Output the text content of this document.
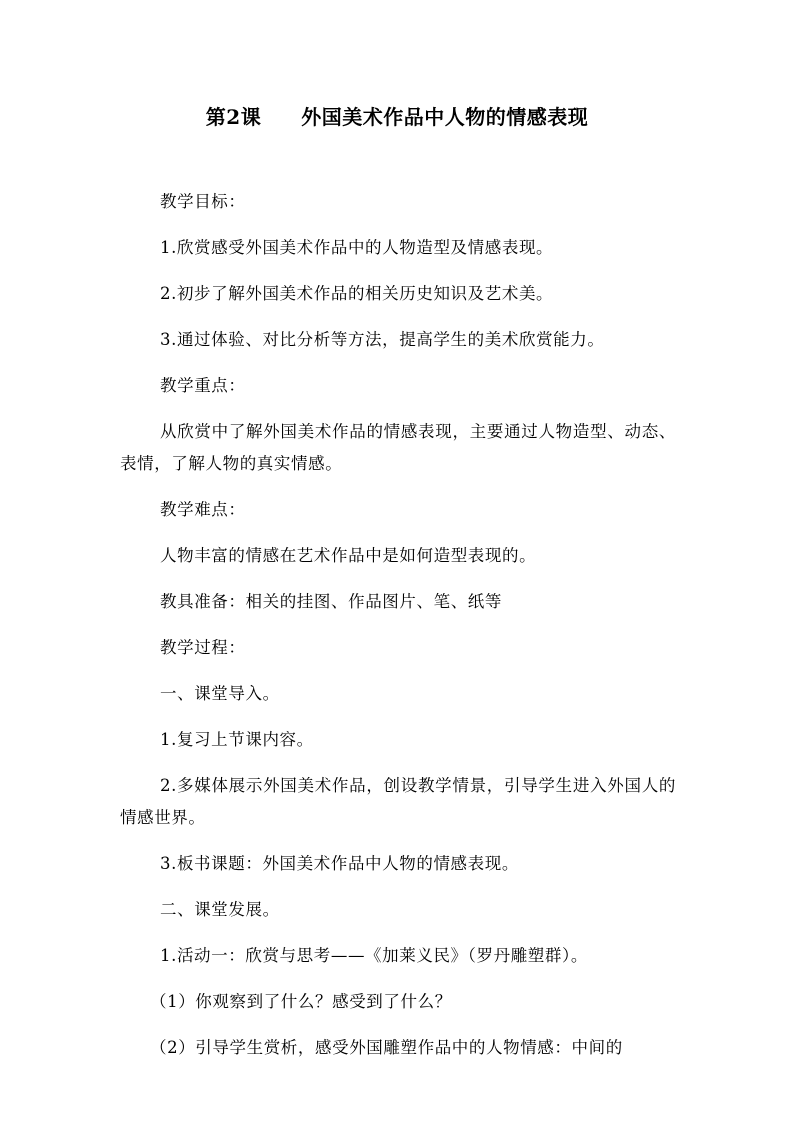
第2课 外国美术作品中人物的情感表现

教学目标：

1.欣赏感受外国美术作品中的人物造型及情感表现。

2.初步了解外国美术作品的相关历史知识及艺术美。

3.通过体验、对比分析等方法，提高学生的美术欣赏能力。

教学重点：

从欣赏中了解外国美术作品的情感表现，主要通过人物造型、动态、表情，了解人物的真实情感。

教学难点：

人物丰富的情感在艺术作品中是如何造型表现的。

教具准备：相关的挂图、作品图片、笔、纸等

教学过程：

一、课堂导入。

1.复习上节课内容。

2.多媒体展示外国美术作品，创设教学情景，引导学生进入外国人的情感世界。

3.板书课题：外国美术作品中人物的情感表现。

二、课堂发展。

1.活动一：欣赏与思考——《加莱义民》（罗丹雕塑群）。

（1）你观察到了什么？感受到了什么？

（2）引导学生赏析，感受外国雕塑作品中的人物情感：中间的
